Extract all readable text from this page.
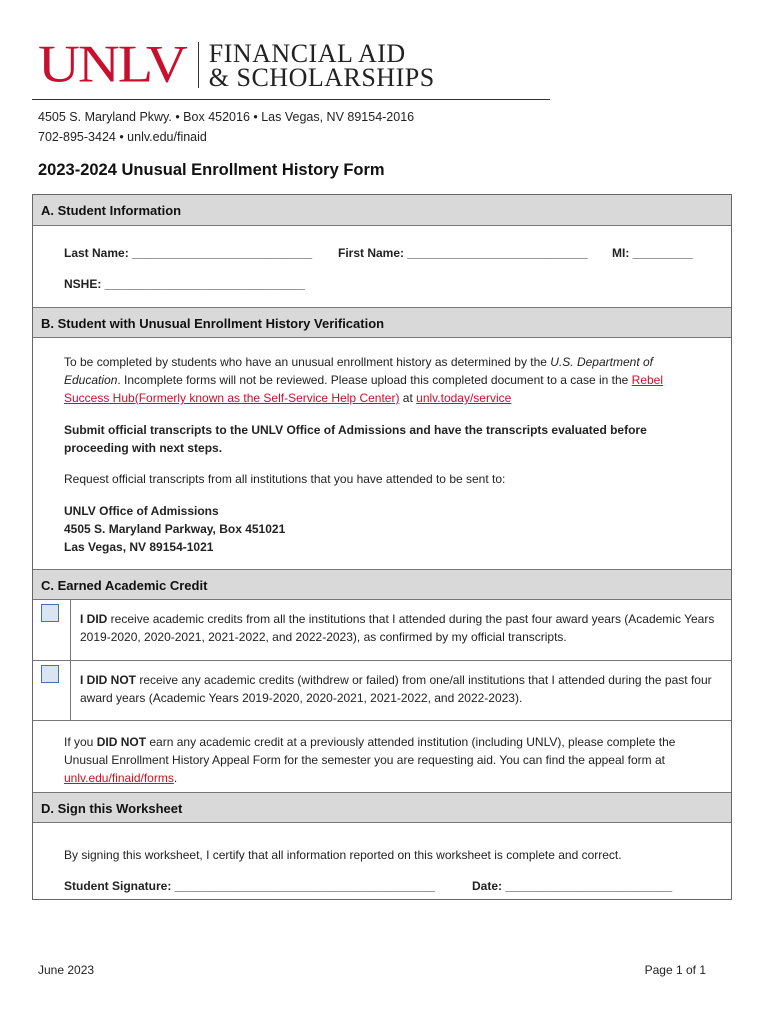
UNLV FINANCIAL AID
& SCHOLARSHIPS
4505 S. Maryland Pkwy. • Box 452016 • Las Vegas, NV 89154-2016
702-895-3424 • unlv.edu/finaid
2023-2024 Unusual Enrollment History Form
A. Student Information
Last Name: ___________________________ First Name: ___________________________ MI: _________
NSHE: ______________________________
B. Student with Unusual Enrollment History Verification
To be completed by students who have an unusual enrollment history as determined by the U.S. Department of Education. Incomplete forms will not be reviewed. Please upload this completed document to a case in the Rebel Success Hub(Formerly known as the Self-Service Help Center) at unlv.today/service
Submit official transcripts to the UNLV Office of Admissions and have the transcripts evaluated before proceeding with next steps.
Request official transcripts from all institutions that you have attended to be sent to:
UNLV Office of Admissions
4505 S. Maryland Parkway, Box 451021
Las Vegas, NV 89154-1021
C. Earned Academic Credit
I DID receive academic credits from all the institutions that I attended during the past four award years (Academic Years 2019-2020, 2020-2021, 2021-2022, and 2022-2023), as confirmed by my official transcripts.
I DID NOT receive any academic credits (withdrew or failed) from one/all institutions that I attended during the past four award years (Academic Years 2019-2020, 2020-2021, 2021-2022, and 2022-2023).
If you DID NOT earn any academic credit at a previously attended institution (including UNLV), please complete the Unusual Enrollment History Appeal Form for the semester you are requesting aid. You can find the appeal form at unlv.edu/finaid/forms.
D. Sign this Worksheet
By signing this worksheet, I certify that all information reported on this worksheet is complete and correct.
Student Signature: _______________________________________	Date: _________________________
June 2023	Page 1 of 1
